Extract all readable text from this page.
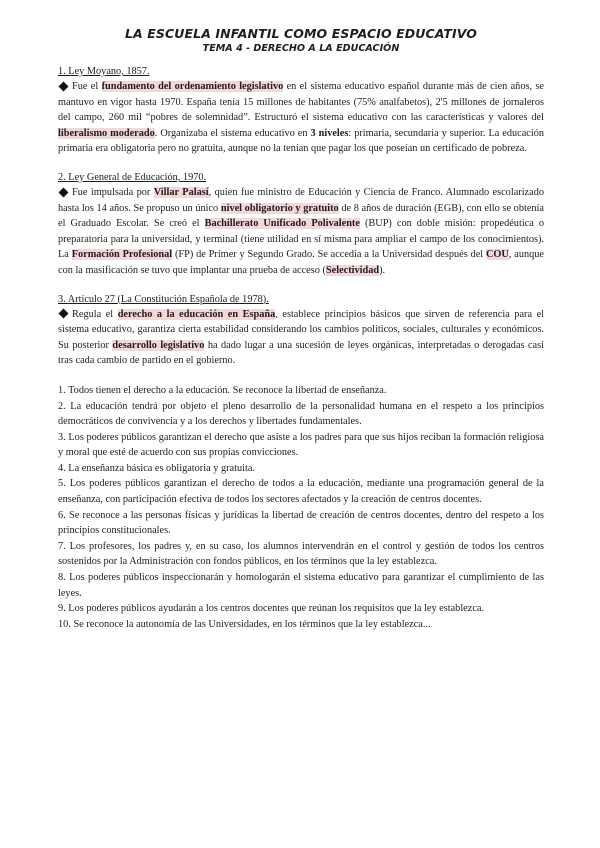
LA ESCUELA INFANTIL COMO ESPACIO EDUCATIVO
TEMA 4 - DERECHO A LA EDUCACIÓN

1. Ley Moyano, 1857.

Fue el fundamento del ordenamiento legislativo en el sistema educativo español durante más de cien años, se mantuvo en vigor hasta 1970. España tenía 15 millones de habitantes (75% analfabetos), 2'5 millones de jornaleros del campo, 260 mil “pobres de solemnidad”. Estructuró el sistema educativo con las características y valores del liberalismo moderado. Organizaba el sistema educativo en 3 niveles: primaria, secundaria y superior. La educación primaria era obligatoria pero no gratuita, aunque no la tenían que pagar los que poseían un certificado de pobreza.

2. Ley General de Educación, 1970.

Fue impulsada por Villar Palasí, quien fue ministro de Educación y Ciencia de Franco. Alumnado escolarizado hasta los 14 años. Se propuso un único nivel obligatorio y gratuito de 8 años de duración (EGB), con ello se obtenía el Graduado Escolar. Se creó el Bachillerato Unificado Polivalente (BUP) con doble misión: propedéutica o preparatoria para la universidad, y terminal (tiene utilidad en sí misma para ampliar el campo de los conocimientos). La Formación Profesional (FP) de Primer y Segundo Grado. Se accedía a la Universidad después del COU, aunque con la masificación se tuvo que implantar una prueba de acceso (Selectividad).

3. Artículo 27 (La Constitución Española de 1978).

Regula el derecho a la educación en España, establece principios básicos que sirven de referencia para el sistema educativo, garantiza cierta estabilidad considerando los cambios políticos, sociales, culturales y económicos. Su posterior desarrollo legislativo ha dado lugar a una sucesión de leyes orgánicas, interpretadas o derogadas casi tras cada cambio de partido en el gobierno.

1. Todos tienen el derecho a la educación. Se reconoce la libertad de enseñanza.
2. La educación tendrá por objeto el pleno desarrollo de la personalidad humana en el respeto a los principios democráticos de convivencia y a los derechos y libertades fundamentales.
3. Los poderes públicos garantizan el derecho que asiste a los padres para que sus hijos reciban la formación religiosa y moral que esté de acuerdo con sus propias convicciones.
4. La enseñanza básica es obligatoria y gratuita.
5. Los poderes públicos garantizan el derecho de todos a la educación, mediante una programación general de la enseñanza, con participación efectiva de todos los sectores afectados y la creación de centros docentes.
6. Se reconoce a las personas físicas y jurídicas la libertad de creación de centros docentes, dentro del respeto a los principios constitucionales.
7. Los profesores, los padres y, en su caso, los alumnos intervendrán en el control y gestión de todos los centros sostenidos por la Administración con fondos públicos, en los términos que la ley establezca.
8. Los poderes públicos inspeccionarán y homologarán el sistema educativo para garantizar el cumplimiento de las leyes.
9. Los poderes públicos ayudarán a los centros docentes que reúnan los requisitos que la ley establezca.
10. Se reconoce la autonomía de las Universidades, en los términos que la ley establezca...
